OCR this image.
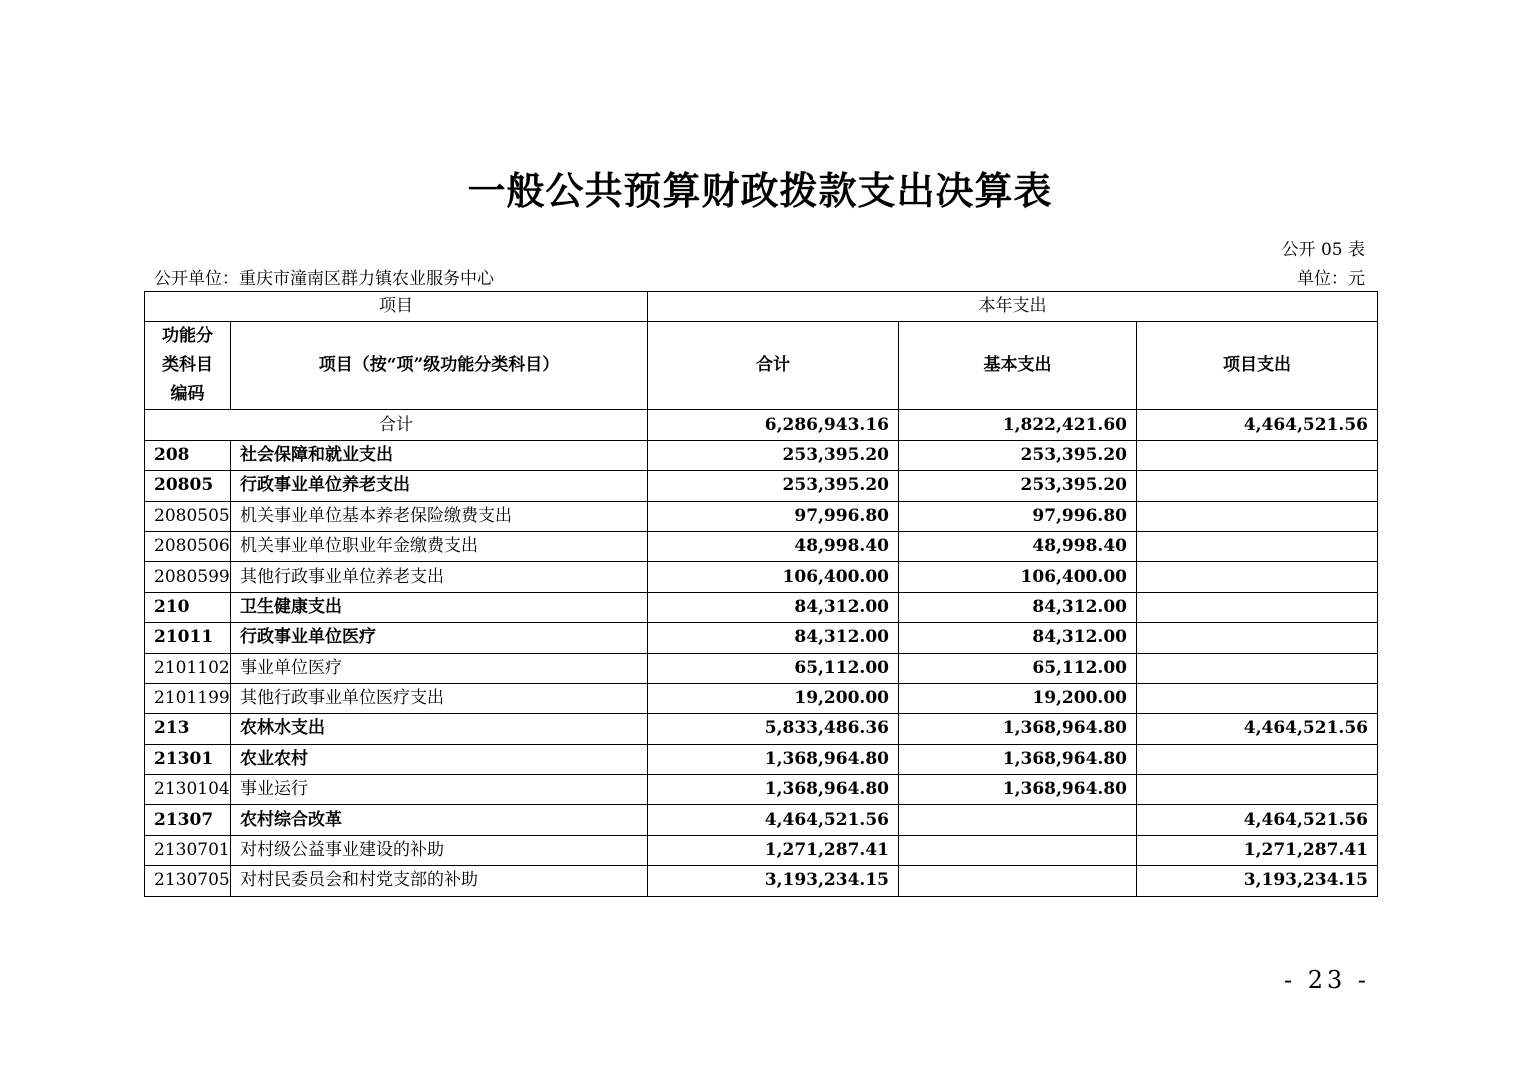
一般公共预算财政拨款支出决算表
公开 05 表
公开单位：重庆市潼南区群力镇农业服务中心	单位：元
项目		本年支出		

功能分
类科目
编码	项目（按“项”级功能分类科目）	合计	基本支出	项目支出
合计		6,286,943.16	1,822,421.60	4,464,521.56
208	社会保障和就业支出	253,395.20	253,395.20	
20805	行政事业单位养老支出	253,395.20	253,395.20	
2080505	机关事业单位基本养老保险缴费支出	97,996.80	97,996.80	
2080506	机关事业单位职业年金缴费支出	48,998.40	48,998.40	
2080599	其他行政事业单位养老支出	106,400.00	106,400.00	
210	卫生健康支出	84,312.00	84,312.00	
21011	行政事业单位医疗	84,312.00	84,312.00	
2101102	事业单位医疗	65,112.00	65,112.00	
2101199	其他行政事业单位医疗支出	19,200.00	19,200.00	
213	农林水支出	5,833,486.36	1,368,964.80	4,464,521.56
21301	农业农村	1,368,964.80	1,368,964.80	
2130104	事业运行	1,368,964.80	1,368,964.80	
21307	农村综合改革	4,464,521.56		4,464,521.56
2130701	对村级公益事业建设的补助	1,271,287.41		1,271,287.41
2130705	对村民委员会和村党支部的补助	3,193,234.15		3,193,234.15
- 23 -
